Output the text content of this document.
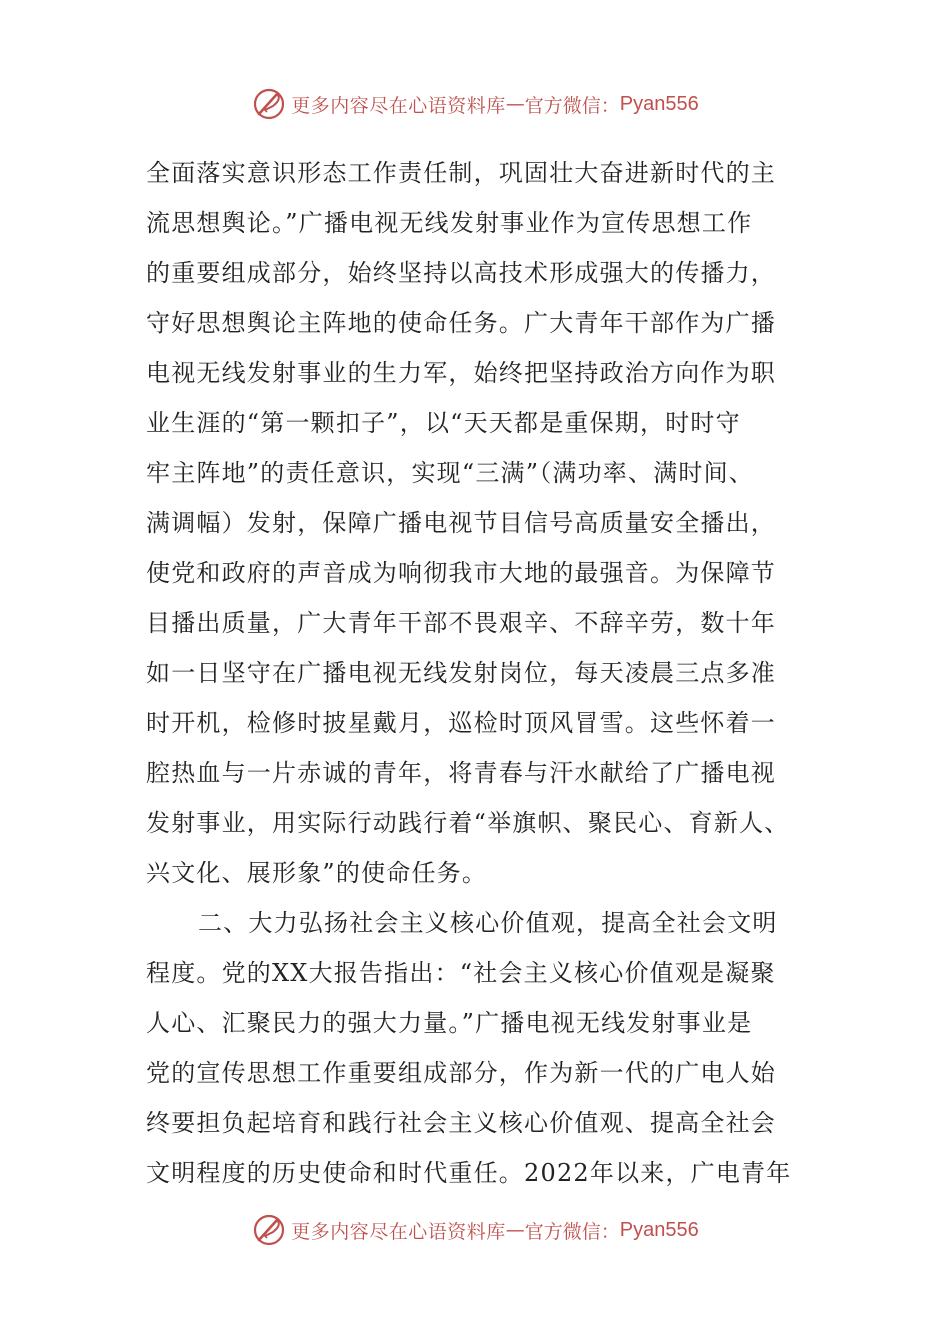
更多内容尽在心语资料库 — 官方微信： Pyan556
全面落实意识形态工作责任制，巩固壮大奋进新时代的主
流思想舆论。”广播电视无线发射事业作为宣传思想工作
的重要组成部分，始终坚持以高技术形成强大的传播力，
守好思想舆论主阵地的使命任务。广大青年干部作为广播
电视无线发射事业的生力军，始终把坚持政治方向作为职
业生涯的“第一颗扣子”，以“天天都是重保期，时时守
牢主阵地”的责任意识，实现“三满”（满功率、满时间、
满调幅）发射，保障广播电视节目信号高质量安全播出，
使党和政府的声音成为响彻我市大地的最强音。为保障节
目播出质量，广大青年干部不畏艰辛、不辞辛劳，数十年
如一日坚守在广播电视无线发射岗位，每天凌晨三点多准
时开机，检修时披星戴月，巡检时顶风冒雪。这些怀着一
腔热血与一片赤诚的青年，将青春与汗水献给了广播电视
发射事业，用实际行动践行着“举旗帜、聚民心、育新人、
兴文化、展形象”的使命任务。
二、大力弘扬社会主义核心价值观，提高全社会文明
程度。党的XX大报告指出：“社会主义核心价值观是凝聚
人心、汇聚民力的强大力量。”广播电视无线发射事业是
党的宣传思想工作重要组成部分，作为新一代的广电人始
终要担负起培育和践行社会主义核心价值观、提高全社会
文明程度的历史使命和时代重任。2022年以来，广电青年
更多内容尽在心语资料库 — 官方微信： Pyan556
